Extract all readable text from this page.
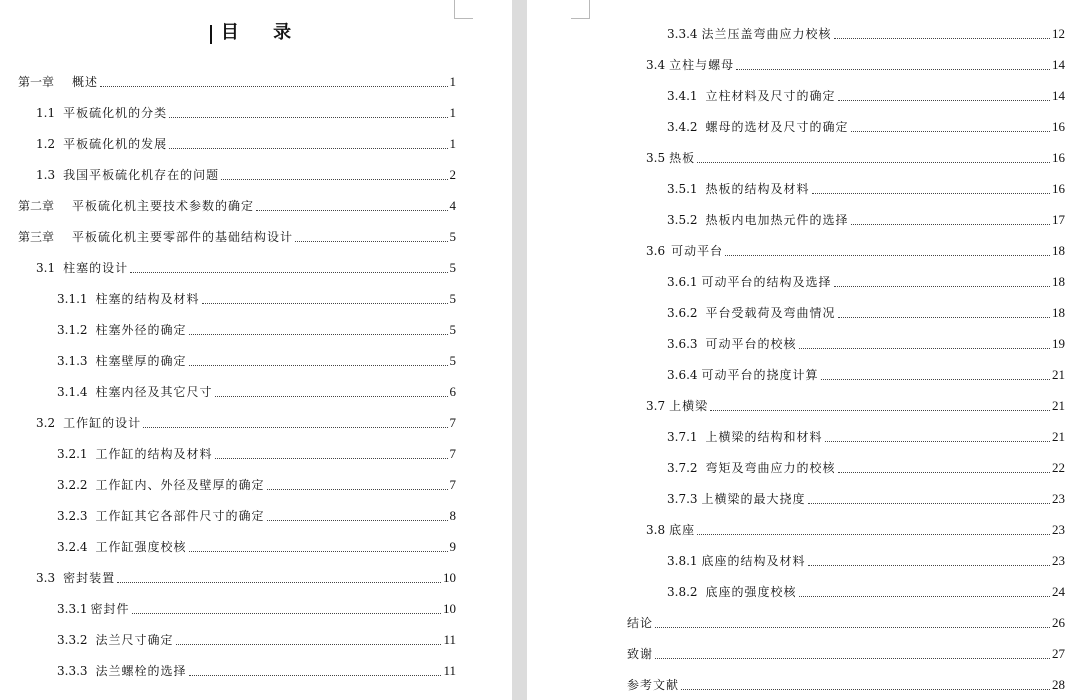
目 录
第一章 概述	1
1.1 平板硫化机的分类	1
1.2 平板硫化机的发展	1
1.3 我国平板硫化机存在的问题	2
第二章 平板硫化机主要技术参数的确定	4
第三章 平板硫化机主要零部件的基础结构设计	5
3.1 柱塞的设计	5
3.1.1 柱塞的结构及材料	5
3.1.2 柱塞外径的确定	5
3.1.3 柱塞壁厚的确定	5
3.1.4 柱塞内径及其它尺寸	6
3.2 工作缸的设计	7
3.2.1 工作缸的结构及材料	7
3.2.2 工作缸内、外径及壁厚的确定	7
3.2.3 工作缸其它各部件尺寸的确定	8
3.2.4 工作缸强度校核	9
3.3 密封装置	10
3.3.1 密封件	10
3.3.2 法兰尺寸确定	11
3.3.3 法兰螺栓的选择	11
3.3.4 法兰压盖弯曲应力校核	12
3.4 立柱与螺母	14
3.4.1 立柱材料及尺寸的确定	14
3.4.2 螺母的选材及尺寸的确定	16
3.5 热板	16
3.5.1 热板的结构及材料	16
3.5.2 热板内电加热元件的选择	17
3.6 可动平台	18
3.6.1 可动平台的结构及选择	18
3.6.2 平台受载荷及弯曲情况	18
3.6.3 可动平台的校核	19
3.6.4 可动平台的挠度计算	21
3.7 上横梁	21
3.7.1 上横梁的结构和材料	21
3.7.2 弯矩及弯曲应力的校核	22
3.7.3 上横梁的最大挠度	23
3.8 底座	23
3.8.1 底座的结构及材料	23
3.8.2 底座的强度校核	24
结论	26
致谢	27
参考文献	28
